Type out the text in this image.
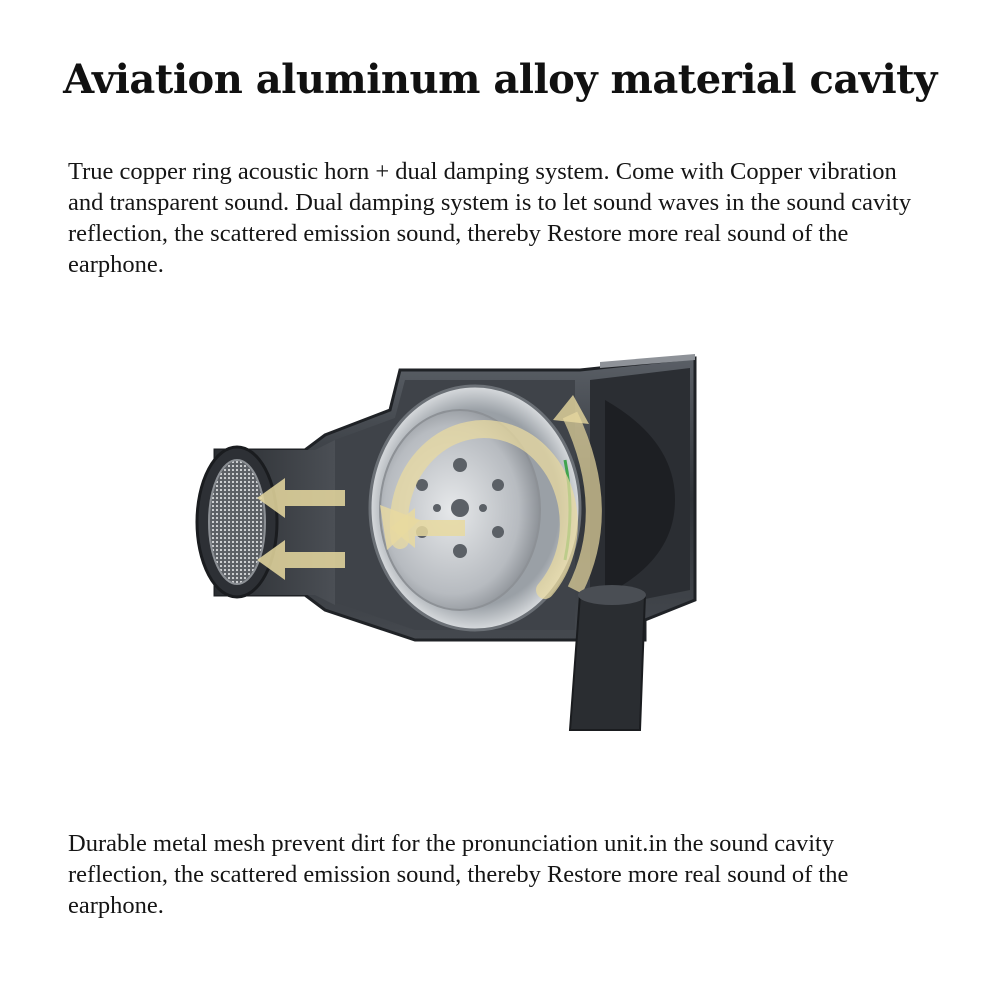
Aviation aluminum alloy material cavity

True copper ring acoustic horn + dual damping system. Come with Copper vibration and transparent sound. Dual damping system is to let sound waves in the sound cavity reflection, the scattered emission sound, thereby Restore more real sound of the earphone.

Durable metal mesh prevent dirt for the pronunciation unit.in the sound cavity reflection, the scattered emission sound, thereby Restore more real sound of the earphone.
